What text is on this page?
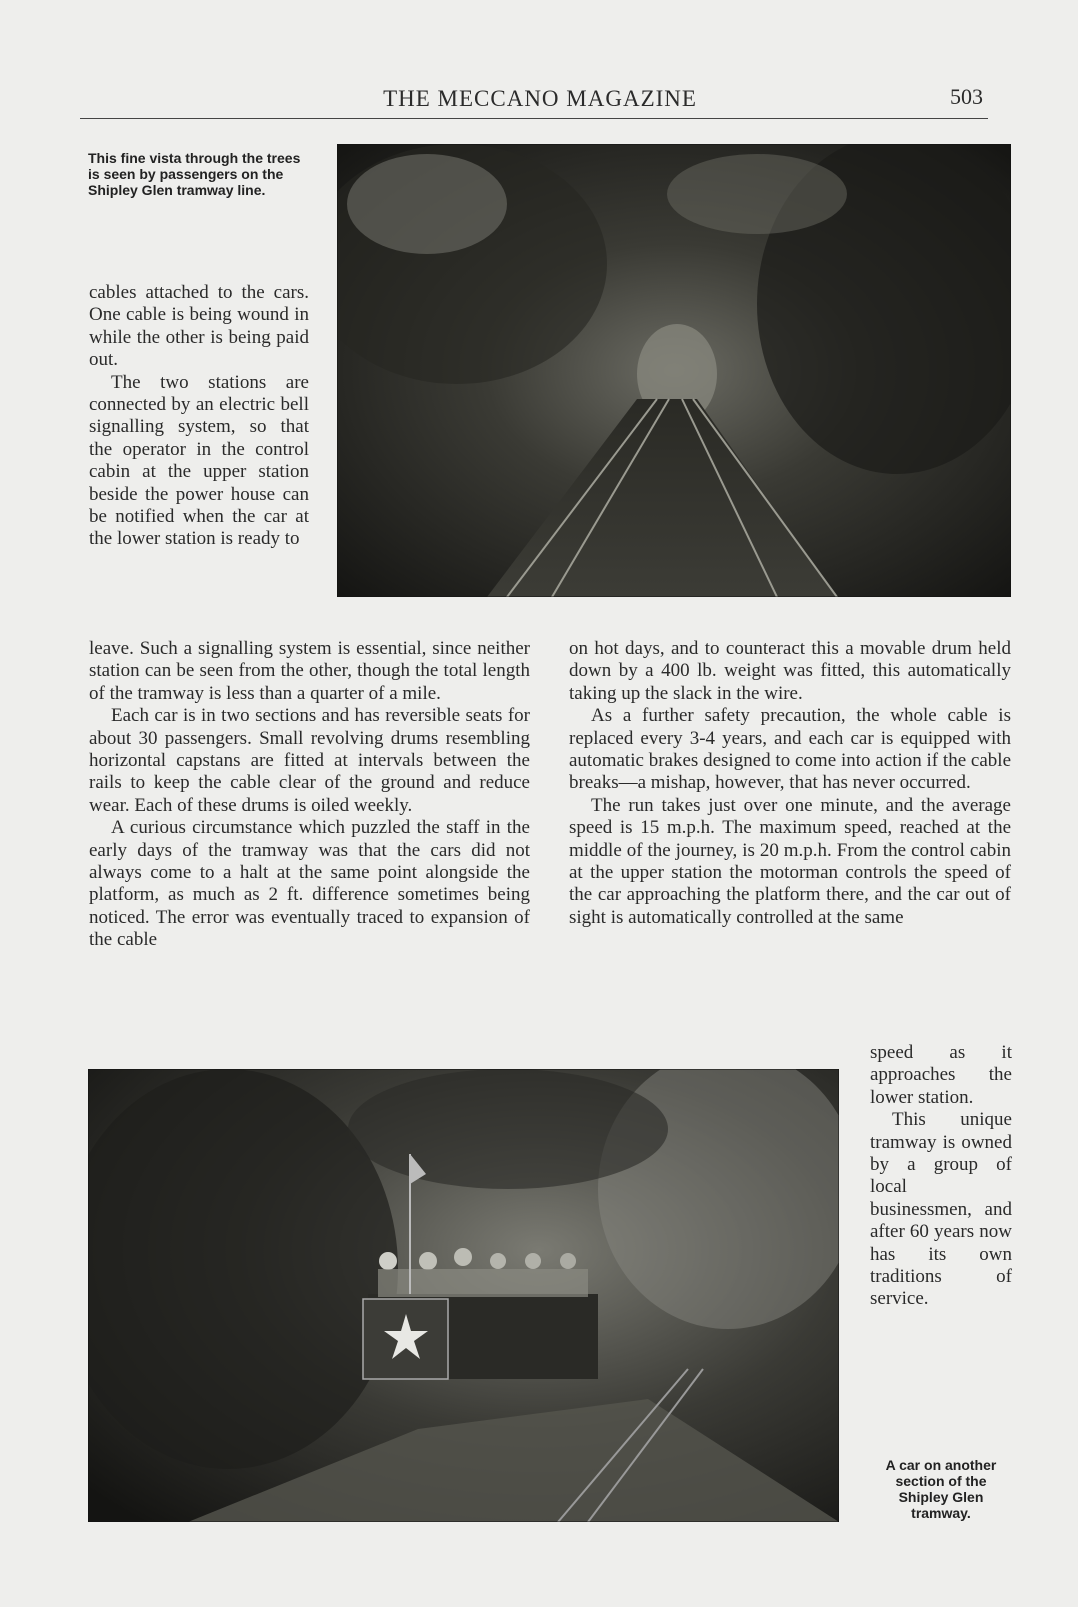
THE MECCANO MAGAZINE	503
This fine vista through the trees is seen by passengers on the Shipley Glen tramway line.

cables attached to the cars. One cable is being wound in while the other is being paid out.

The two stations are connected by an electric bell signalling system, so that the operator in the control cabin at the upper station beside the power house can be notified when the car at the lower station is ready to

leave. Such a signalling system is essential, since neither station can be seen from the other, though the total length of the tramway is less than a quarter of a mile.

Each car is in two sections and has reversible seats for about 30 passengers. Small revolving drums resembling horizontal capstans are fitted at intervals between the rails to keep the cable clear of the ground and reduce wear. Each of these drums is oiled weekly.

A curious circumstance which puzzled the staff in the early days of the tramway was that the cars did not always come to a halt at the same point alongside the platform, as much as 2 ft. difference sometimes being noticed. The error was eventually traced to expansion of the cable

on hot days, and to counteract this a movable drum held down by a 400 lb. weight was fitted, this automatically taking up the slack in the wire.

As a further safety precaution, the whole cable is replaced every 3-4 years, and each car is equipped with automatic brakes designed to come into action if the cable breaks—a mishap, however, that has never occurred.

The run takes just over one minute, and the average speed is 15 m.p.h. The maximum speed, reached at the middle of the journey, is 20 m.p.h. From the control cabin at the upper station the motorman controls the speed of the car approaching the platform there, and the car out of sight is automatically controlled at the same

speed as it approaches the lower station.

This unique tramway is owned by a group of local businessmen, and after 60 years now has its own traditions of service.

A car on another section of the Shipley Glen tramway.
